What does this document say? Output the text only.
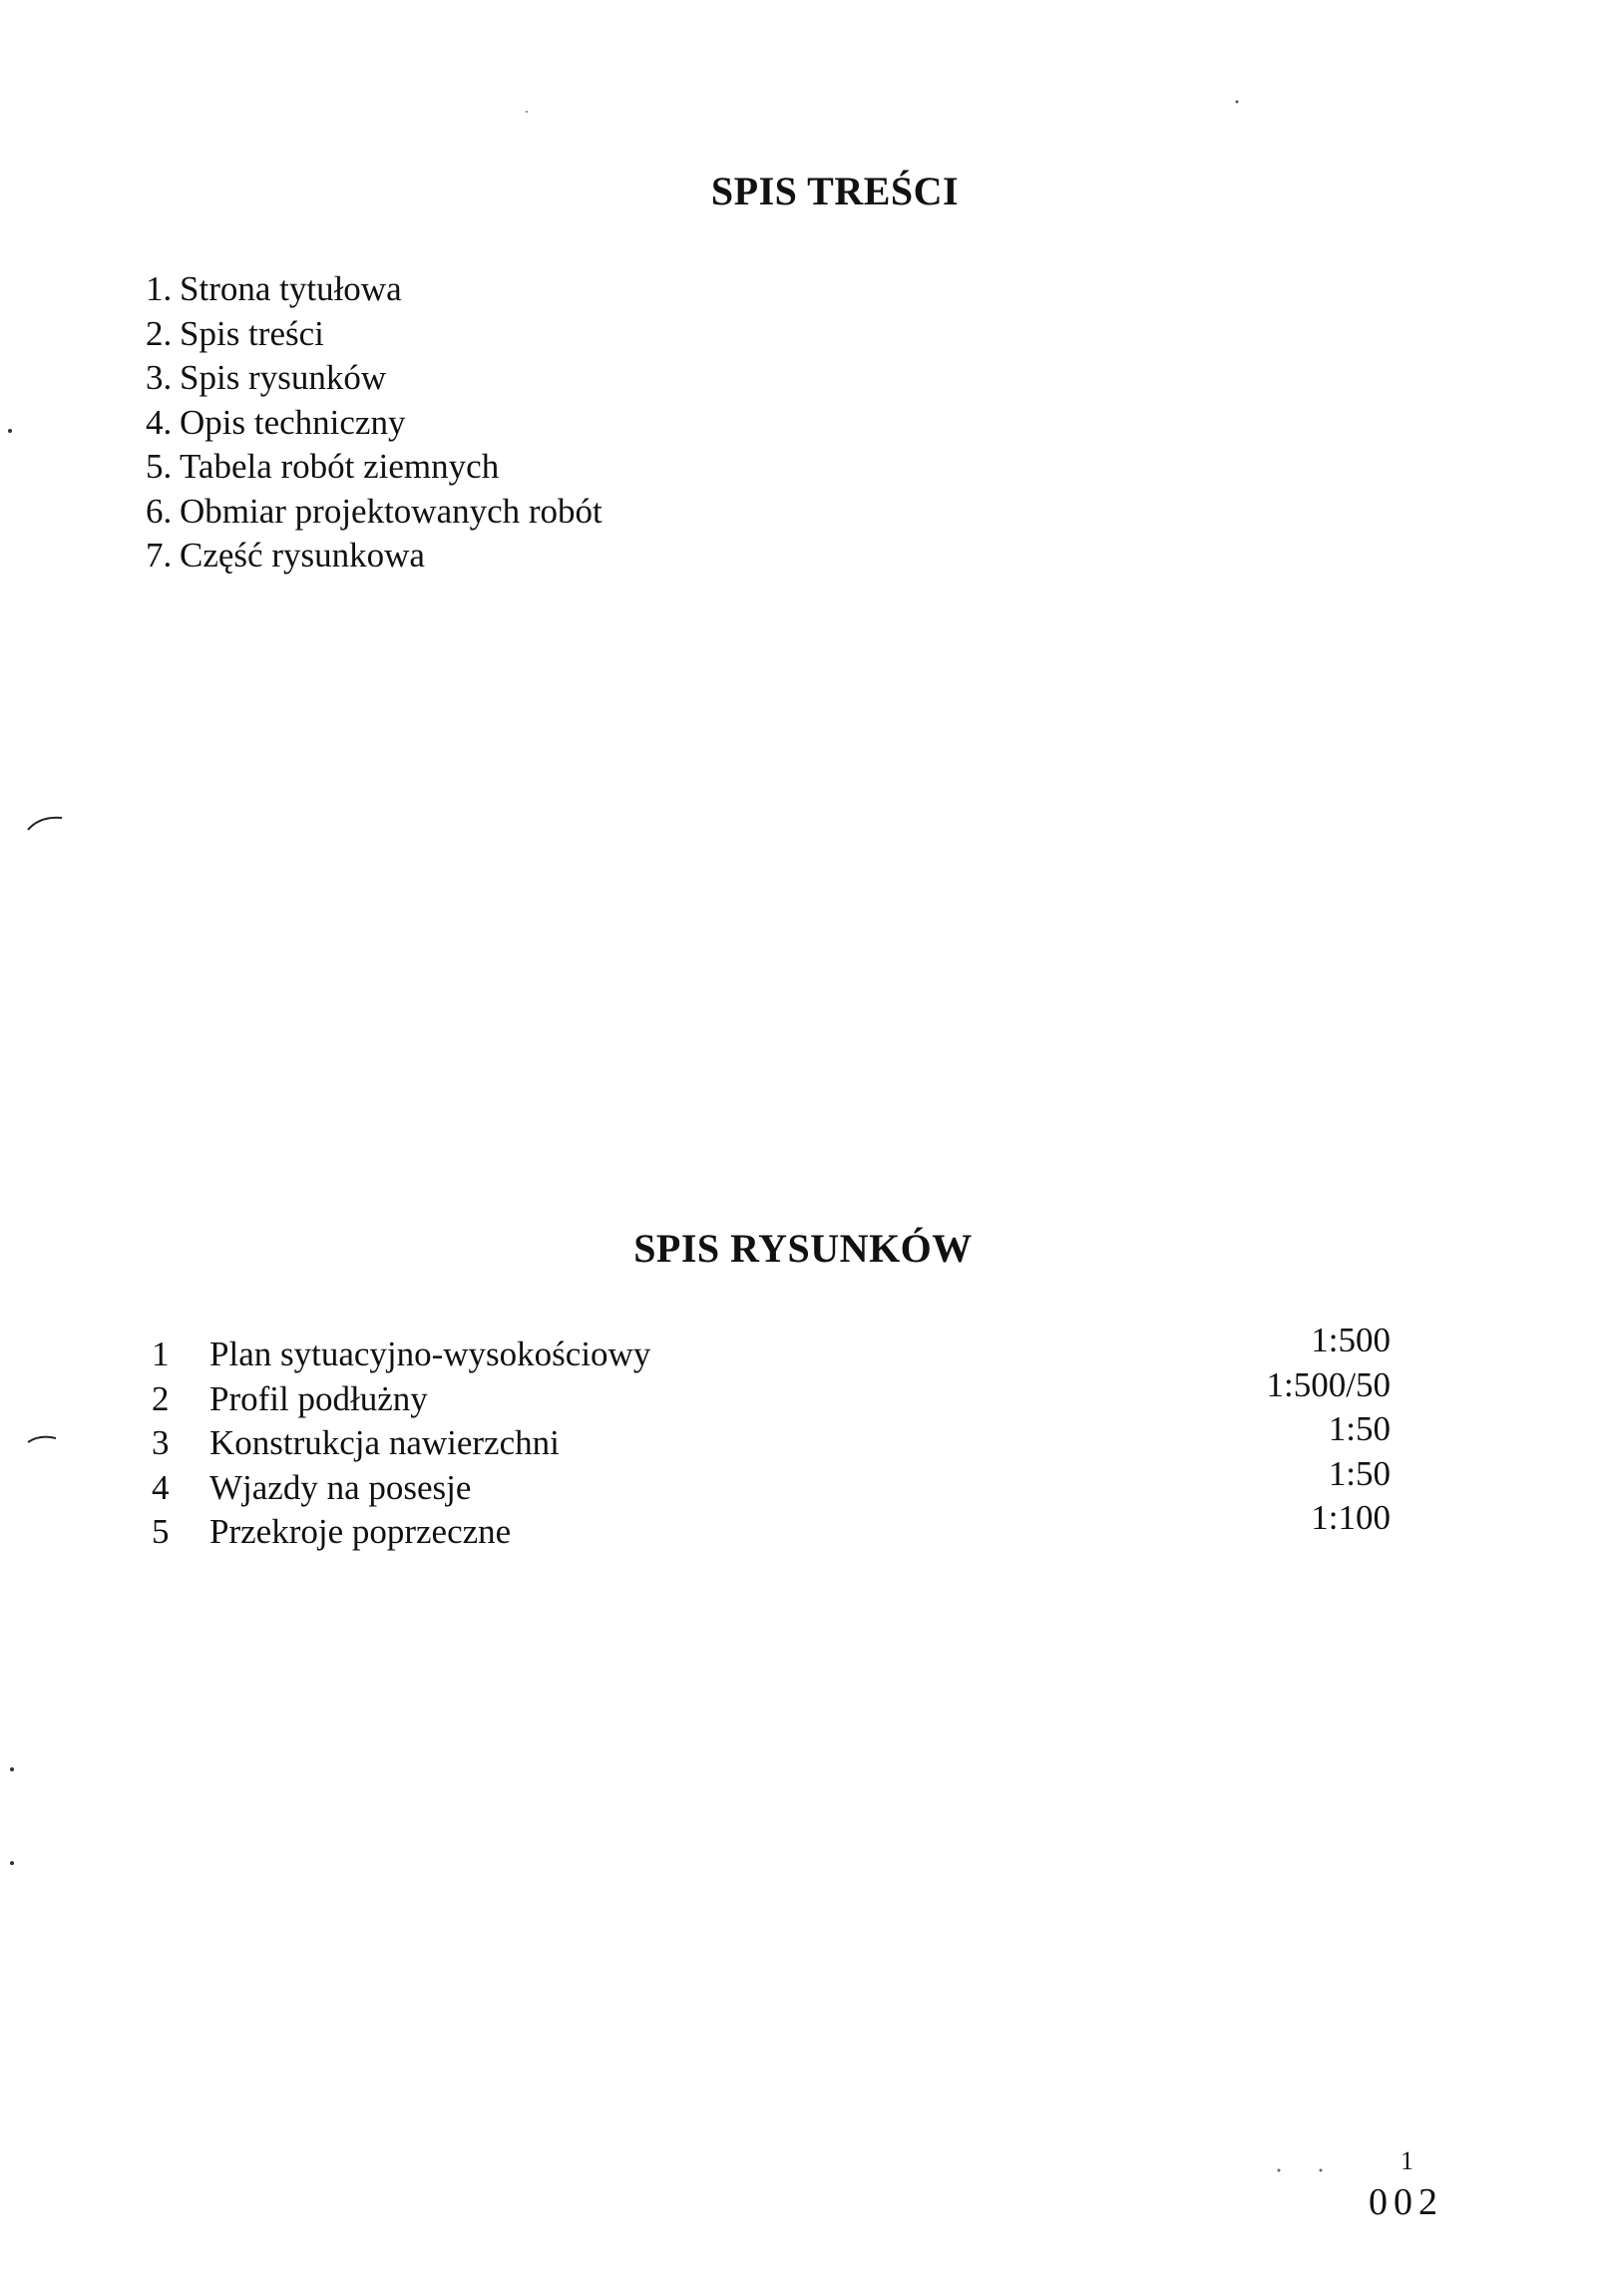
SPIS TREŚCI
1. Strona tytułowa
2. Spis treści
3. Spis rysunków
4. Opis techniczny
5. Tabela robót ziemnych
6. Obmiar projektowanych robót
7. Część rysunkowa
SPIS RYSUNKÓW
1 Plan sytuacyjno-wysokościowy
2 Profil podłużny
3 Konstrukcja nawierzchni
4 Wjazdy na posesje
5 Przekroje poprzeczne
1:500
1:500/50
1:50
1:50
1:100
1
002
